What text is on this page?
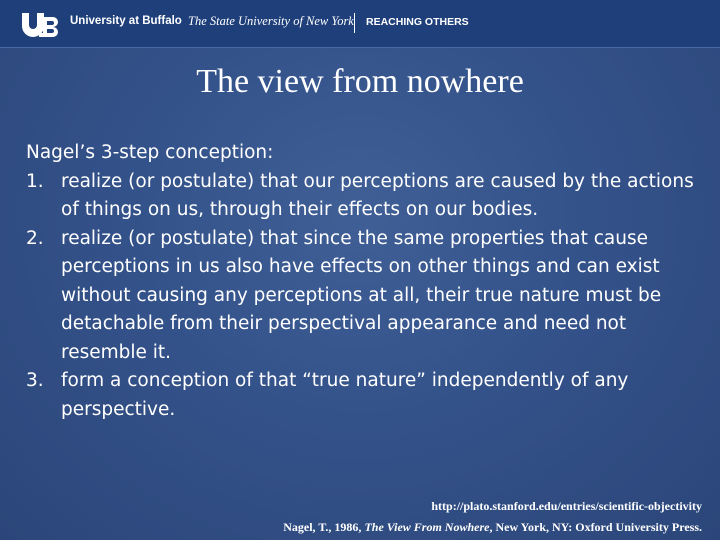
University at Buffalo The State University of New York REACHING OTHERS
The view from nowhere

Nagel’s 3-step conception:

1. realize (or postulate) that our perceptions are caused by the actions of things on us, through their effects on our bodies.
2. realize (or postulate) that since the same properties that cause perceptions in us also have effects on other things and can exist without causing any perceptions at all, their true nature must be detachable from their perspectival appearance and need not resemble it.
3. form a conception of that “true nature” independently of any perspective.
http://plato.stanford.edu/entries/scientific-objectivity
Nagel, T., 1986, The View From Nowhere, New York, NY: Oxford University Press.
